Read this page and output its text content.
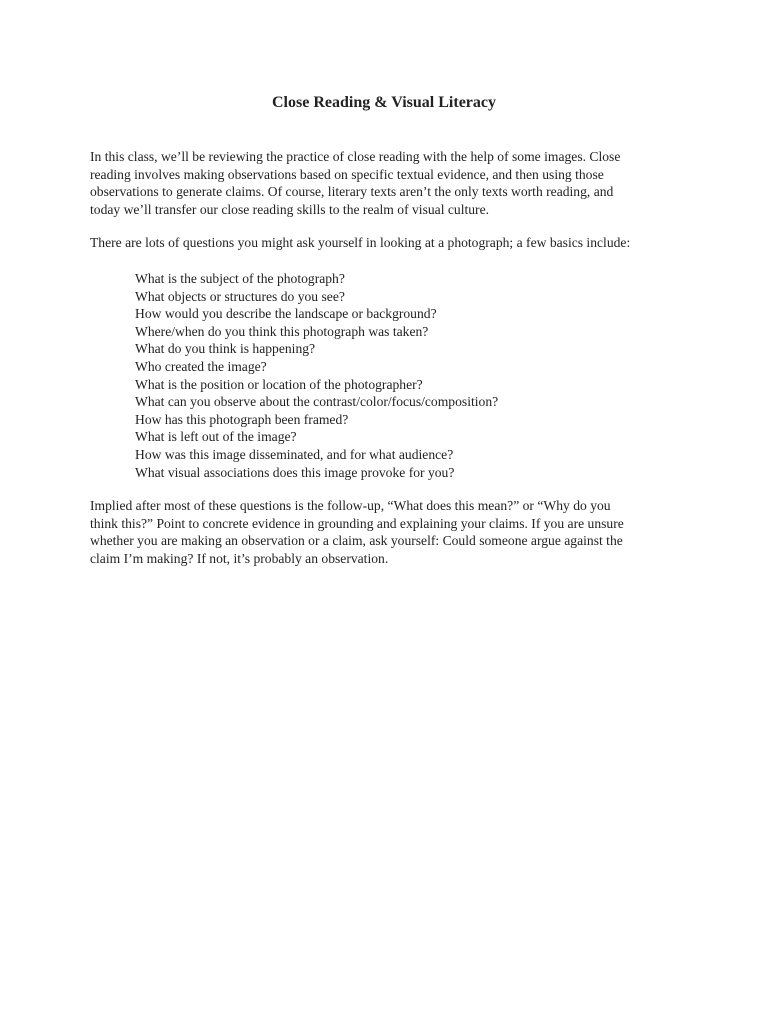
Close Reading & Visual Literacy

In this class, we’ll be reviewing the practice of close reading with the help of some images. Close
reading involves making observations based on specific textual evidence, and then using those
observations to generate claims. Of course, literary texts aren’t the only texts worth reading, and
today we’ll transfer our close reading skills to the realm of visual culture.

There are lots of questions you might ask yourself in looking at a photograph; a few basics include:

What is the subject of the photograph?
What objects or structures do you see?
How would you describe the landscape or background?
Where/when do you think this photograph was taken?
What do you think is happening?
Who created the image?
What is the position or location of the photographer?
What can you observe about the contrast/color/focus/composition?
How has this photograph been framed?
What is left out of the image?
How was this image disseminated, and for what audience?
What visual associations does this image provoke for you?

Implied after most of these questions is the follow-up, “What does this mean?” or “Why do you
think this?” Point to concrete evidence in grounding and explaining your claims. If you are unsure
whether you are making an observation or a claim, ask yourself: Could someone argue against the
claim I’m making? If not, it’s probably an observation.
